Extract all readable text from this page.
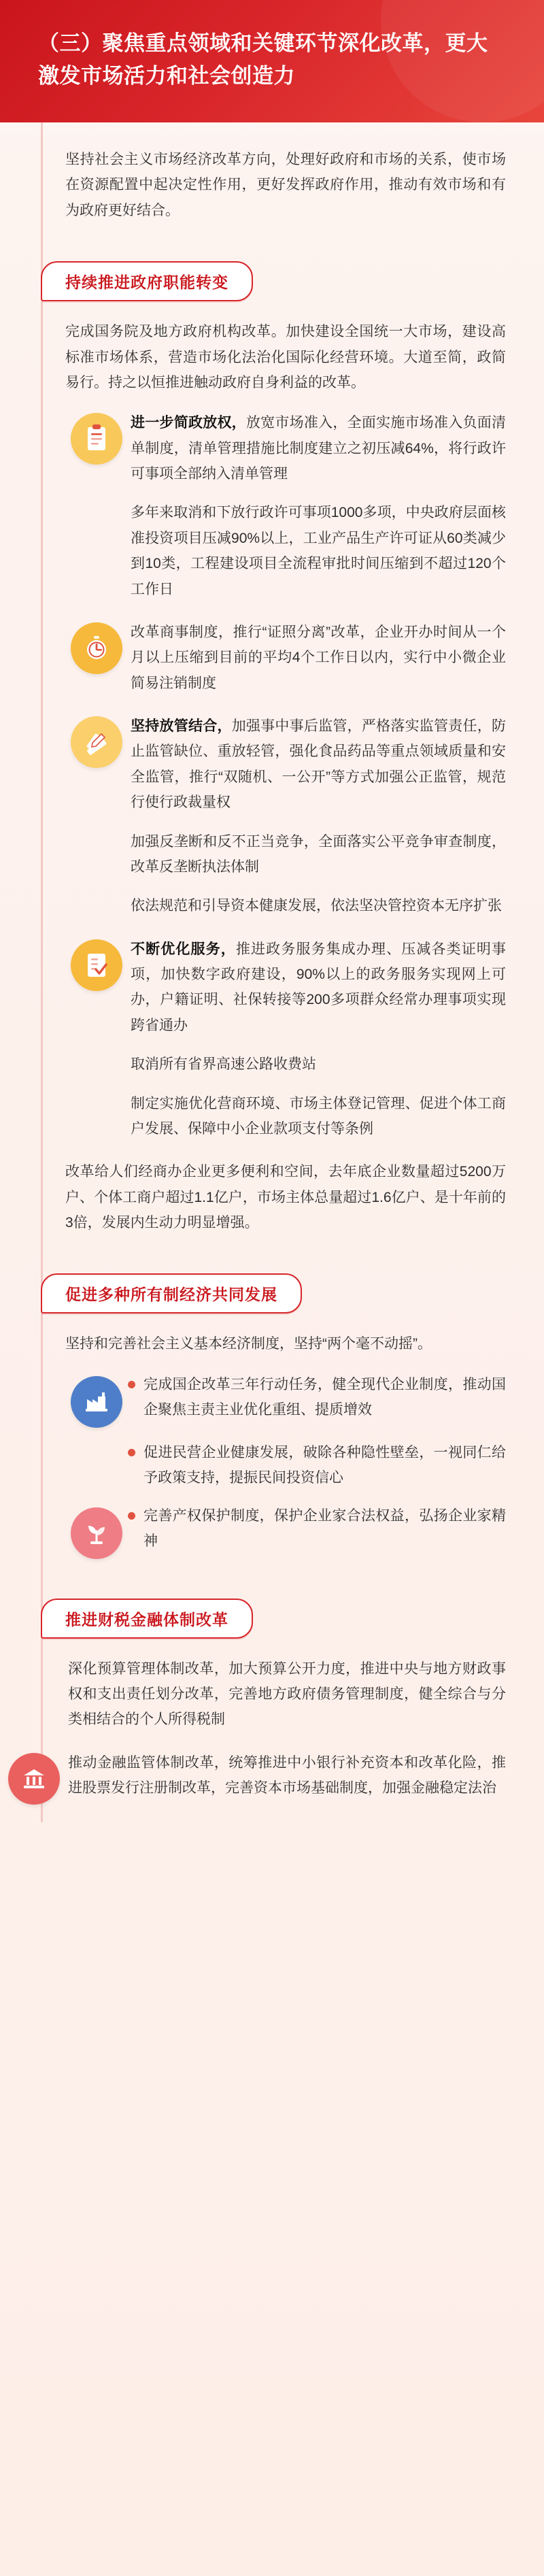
（三）聚焦重点领域和关键环节深化改革，更大激发市场活力和社会创造力

坚持社会主义市场经济改革方向，处理好政府和市场的关系，使市场在资源配置中起决定性作用，更好发挥政府作用，推动有效市场和有为政府更好结合。

持续推进政府职能转变

完成国务院及地方政府机构改革。加快建设全国统一大市场，建设高标准市场体系，营造市场化法治化国际化经营环境。大道至简，政简易行。持之以恒推进触动政府自身利益的改革。

进一步简政放权，放宽市场准入，全面实施市场准入负面清单制度，清单管理措施比制度建立之初压减64%，将行政许可事项全部纳入清单管理

多年来取消和下放行政许可事项1000多项，中央政府层面核准投资项目压减90%以上，工业产品生产许可证从60类减少到10类，工程建设项目全流程审批时间压缩到不超过120个工作日

改革商事制度，推行“证照分离”改革，企业开办时间从一个月以上压缩到目前的平均4个工作日以内，实行中小微企业简易注销制度

坚持放管结合，加强事中事后监管，严格落实监管责任，防止监管缺位、重放轻管，强化食品药品等重点领域质量和安全监管，推行“双随机、一公开”等方式加强公正监管，规范行使行政裁量权

加强反垄断和反不正当竞争，全面落实公平竞争审查制度，改革反垄断执法体制

依法规范和引导资本健康发展，依法坚决管控资本无序扩张

不断优化服务，推进政务服务集成办理、压减各类证明事项，加快数字政府建设，90%以上的政务服务实现网上可办，户籍证明、社保转接等200多项群众经常办理事项实现跨省通办

取消所有省界高速公路收费站

制定实施优化营商环境、市场主体登记管理、促进个体工商户发展、保障中小企业款项支付等条例

改革给人们经商办企业更多便利和空间，去年底企业数量超过5200万户、个体工商户超过1.1亿户，市场主体总量超过1.6亿户、是十年前的3倍，发展内生动力明显增强。

促进多种所有制经济共同发展

坚持和完善社会主义基本经济制度，坚持“两个毫不动摇”。

完成国企改革三年行动任务，健全现代企业制度，推动国企聚焦主责主业优化重组、提质增效
促进民营企业健康发展，破除各种隐性壁垒，一视同仁给予政策支持，提振民间投资信心
完善产权保护制度，保护企业家合法权益，弘扬企业家精神
推进财税金融体制改革

深化预算管理体制改革，加大预算公开力度，推进中央与地方财政事权和支出责任划分改革，完善地方政府债务管理制度，健全综合与分类相结合的个人所得税制

推动金融监管体制改革，统筹推进中小银行补充资本和改革化险，推进股票发行注册制改革，完善资本市场基础制度，加强金融稳定法治
